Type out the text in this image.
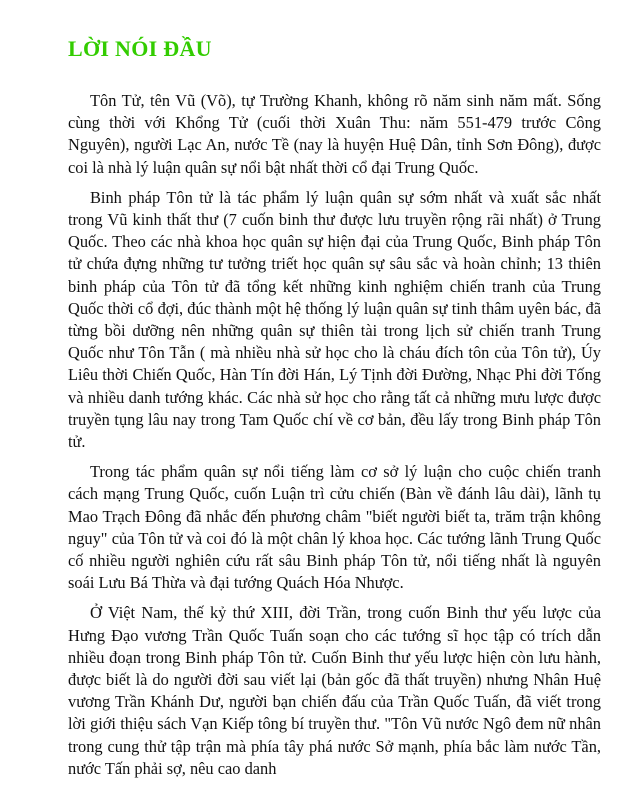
LỜI NÓI ĐẦU

Tôn Tử, tên Vũ (Võ), tự Trường Khanh, không rõ năm sinh năm mất. Sống cùng thời với Khổng Tử (cuối thời Xuân Thu: năm 551-479 trước Công Nguyên), người Lạc An, nước Tề (nay là huyện Huệ Dân, tỉnh Sơn Đông), được coi là nhà lý luận quân sự nổi bật nhất thời cổ đại Trung Quốc.

Binh pháp Tôn tử là tác phẩm lý luận quân sự sớm nhất và xuất sắc nhất trong Vũ kinh thất thư (7 cuốn binh thư được lưu truyền rộng rãi nhất) ở Trung Quốc. Theo các nhà khoa học quân sự hiện đại của Trung Quốc, Binh pháp Tôn tử chứa đựng những tư tưởng triết học quân sự sâu sắc và hoàn chỉnh; 13 thiên binh pháp của Tôn tử đã tổng kết những kinh nghiệm chiến tranh của Trung Quốc thời cổ đợi, đúc thành một hệ thống lý luận quân sự tinh thâm uyên bác, đã từng bồi dưỡng nên những quân sự thiên tài trong lịch sử chiến tranh Trung Quốc như Tôn Tẫn ( mà nhiều nhà sử học cho là cháu đích tôn của Tôn tử), Úy Liêu thời Chiến Quốc, Hàn Tín đời Hán, Lý Tịnh đời Đường, Nhạc Phi đời Tống và nhiều danh tướng khác. Các nhà sử học cho rằng tất cả những mưu lược được truyền tụng lâu nay trong Tam Quốc chí về cơ bản, đều lấy trong Binh pháp Tôn tử.

Trong tác phẩm quân sự nổi tiếng làm cơ sở lý luận cho cuộc chiến tranh cách mạng Trung Quốc, cuốn Luận trì cửu chiến (Bàn về đánh lâu dài), lãnh tụ Mao Trạch Đông đã nhắc đến phương châm "biết người biết ta, trăm trận không nguy" của Tôn tử và coi đó là một chân lý khoa học. Các tướng lãnh Trung Quốc cố nhiều người nghiên cứu rất sâu Binh pháp Tôn tử, nổi tiếng nhất là nguyên soái Lưu Bá Thừa và đại tướng Quách Hóa Nhược.

Ở Việt Nam, thế kỷ thứ XIII, đời Trần, trong cuốn Binh thư yếu lược của Hưng Đạo vương Trần Quốc Tuấn soạn cho các tướng sĩ học tập có trích dẫn nhiều đoạn trong Binh pháp Tôn tử. Cuốn Binh thư yếu lược hiện còn lưu hành, được biết là do người đời sau viết lại (bản gốc đã thất truyền) nhưng Nhân Huệ vương Trần Khánh Dư, người bạn chiến đấu của Trần Quốc Tuấn, đã viết trong lời giới thiệu sách Vạn Kiếp tông bí truyền thư. "Tôn Vũ nước Ngô đem nữ nhân trong cung thử tập trận mà phía tây phá nước Sở mạnh, phía bắc làm nước Tần, nước Tấn phải sợ, nêu cao danh
